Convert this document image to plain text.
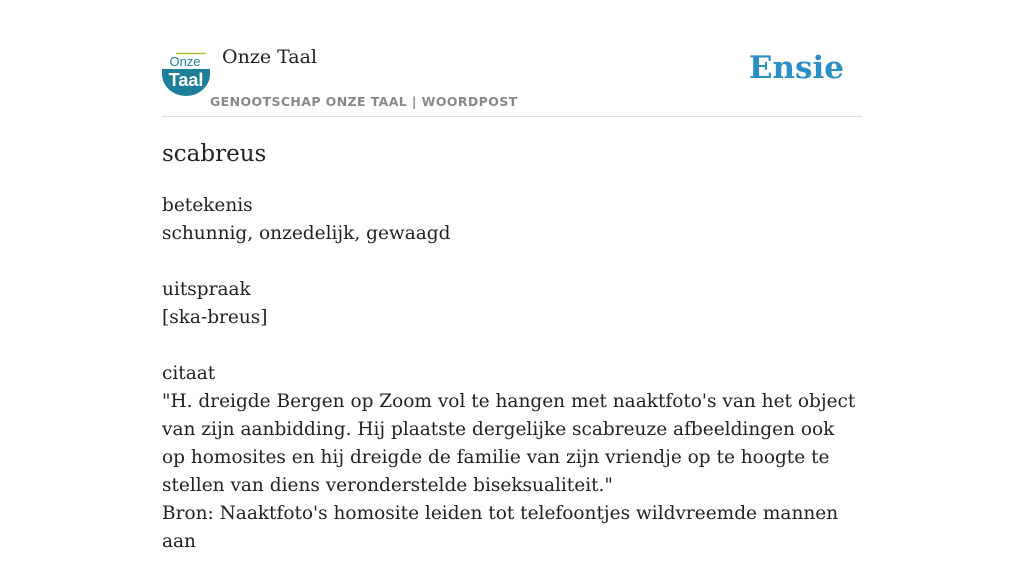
Onze
Taal
Onze Taal
GENOOTSCHAP ONZE TAAL | WOORDPOST
Ensie
scabreus

betekenis

schunnig, onzedelijk, gewaagd

uitspraak

[ska-breus]

citaat

"H. dreigde Bergen op Zoom vol te hangen met naaktfoto's van het object van zijn aanbidding. Hij plaatste dergelijke scabreuze afbeeldingen ook op homosites en hij dreigde de familie van zijn vriendje op te hoogte te stellen van diens veronderstelde biseksualiteit."

Bron: Naaktfoto's homosite leiden tot telefoontjes wildvreemde mannen aan
